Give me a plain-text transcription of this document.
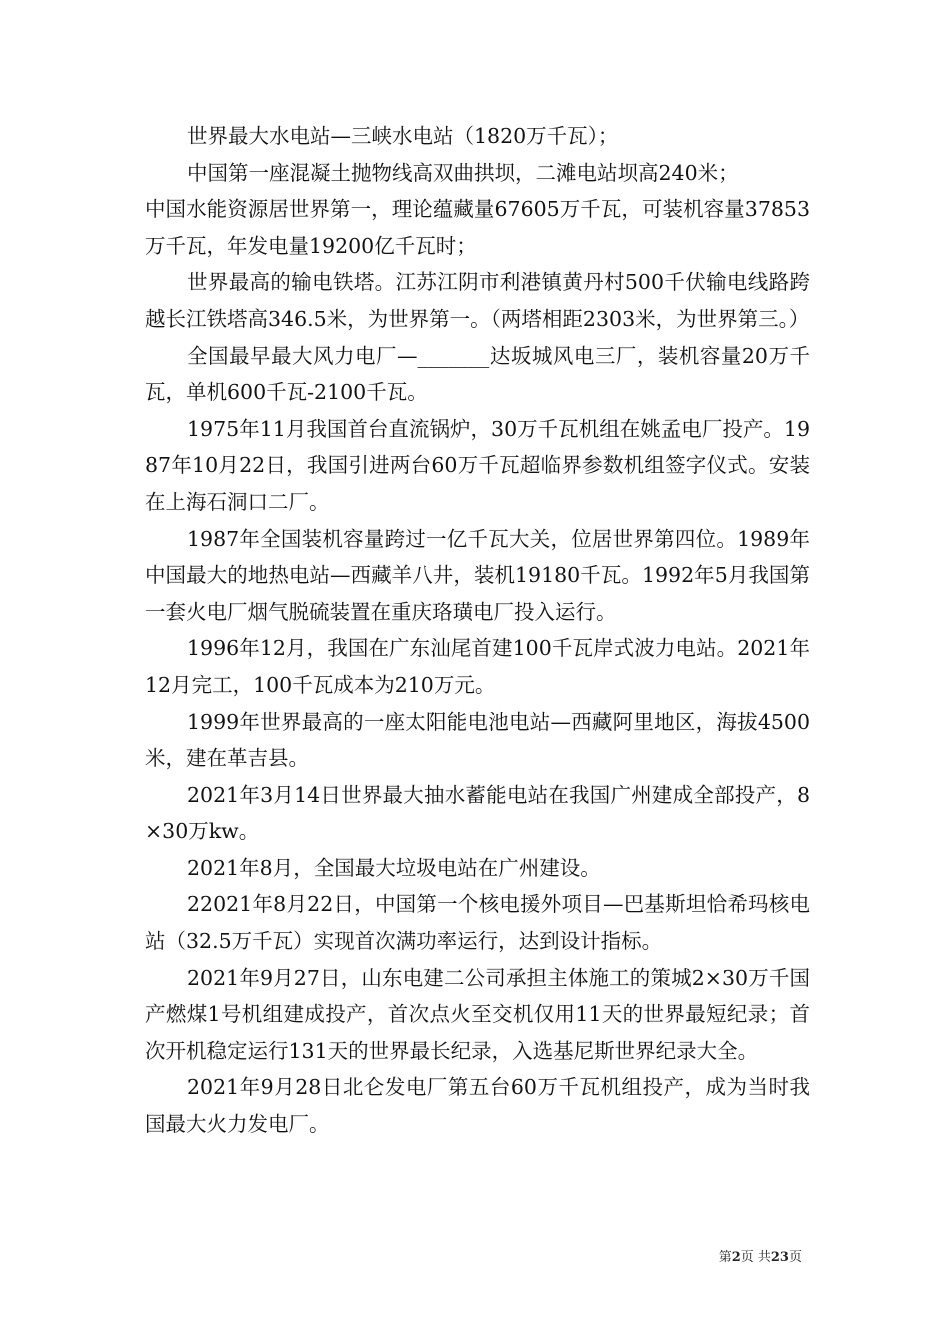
世界最大水电站—三峡水电站（1820万千瓦）；

中国第一座混凝土抛物线高双曲拱坝，二滩电站坝高240米；

中国水能资源居世界第一，理论蕴藏量67605万千瓦，可装机容量37853万千瓦，年发电量19200亿千瓦时；

世界最高的输电铁塔。江苏江阴市利港镇黄丹村500千伏输电线路跨越长江铁塔高346.5米，为世界第一。（两塔相距2303米，为世界第三。）

全国最早最大风力电厂—_______达坂城风电三厂，装机容量20万千瓦，单机600千瓦-2100千瓦。

1975年11月我国首台直流锅炉，30万千瓦机组在姚孟电厂投产。1987年10月22日，我国引进两台60万千瓦超临界参数机组签字仪式。安装在上海石洞口二厂。

1987年全国装机容量跨过一亿千瓦大关，位居世界第四位。1989年中国最大的地热电站—西藏羊八井，装机19180千瓦。1992年5月我国第一套火电厂烟气脱硫装置在重庆珞璜电厂投入运行。

1996年12月，我国在广东汕尾首建100千瓦岸式波力电站。2021年12月完工，100千瓦成本为210万元。

1999年世界最高的一座太阳能电池电站—西藏阿里地区，海拔4500米，建在革吉县。

2021年3月14日世界最大抽水蓄能电站在我国广州建成全部投产，8×30万kw。

2021年8月，全国最大垃圾电站在广州建设。

22021年8月22日，中国第一个核电援外项目—巴基斯坦恰希玛核电站（32.5万千瓦）实现首次满功率运行，达到设计指标。

2021年9月27日，山东电建二公司承担主体施工的策城2×30万千国产燃煤1号机组建成投产，首次点火至交机仅用11天的世界最短纪录；首次开机稳定运行131天的世界最长纪录，入选基尼斯世界纪录大全。

2021年9月28日北仑发电厂第五台60万千瓦机组投产，成为当时我国最大火力发电厂。

第2页 共23页
